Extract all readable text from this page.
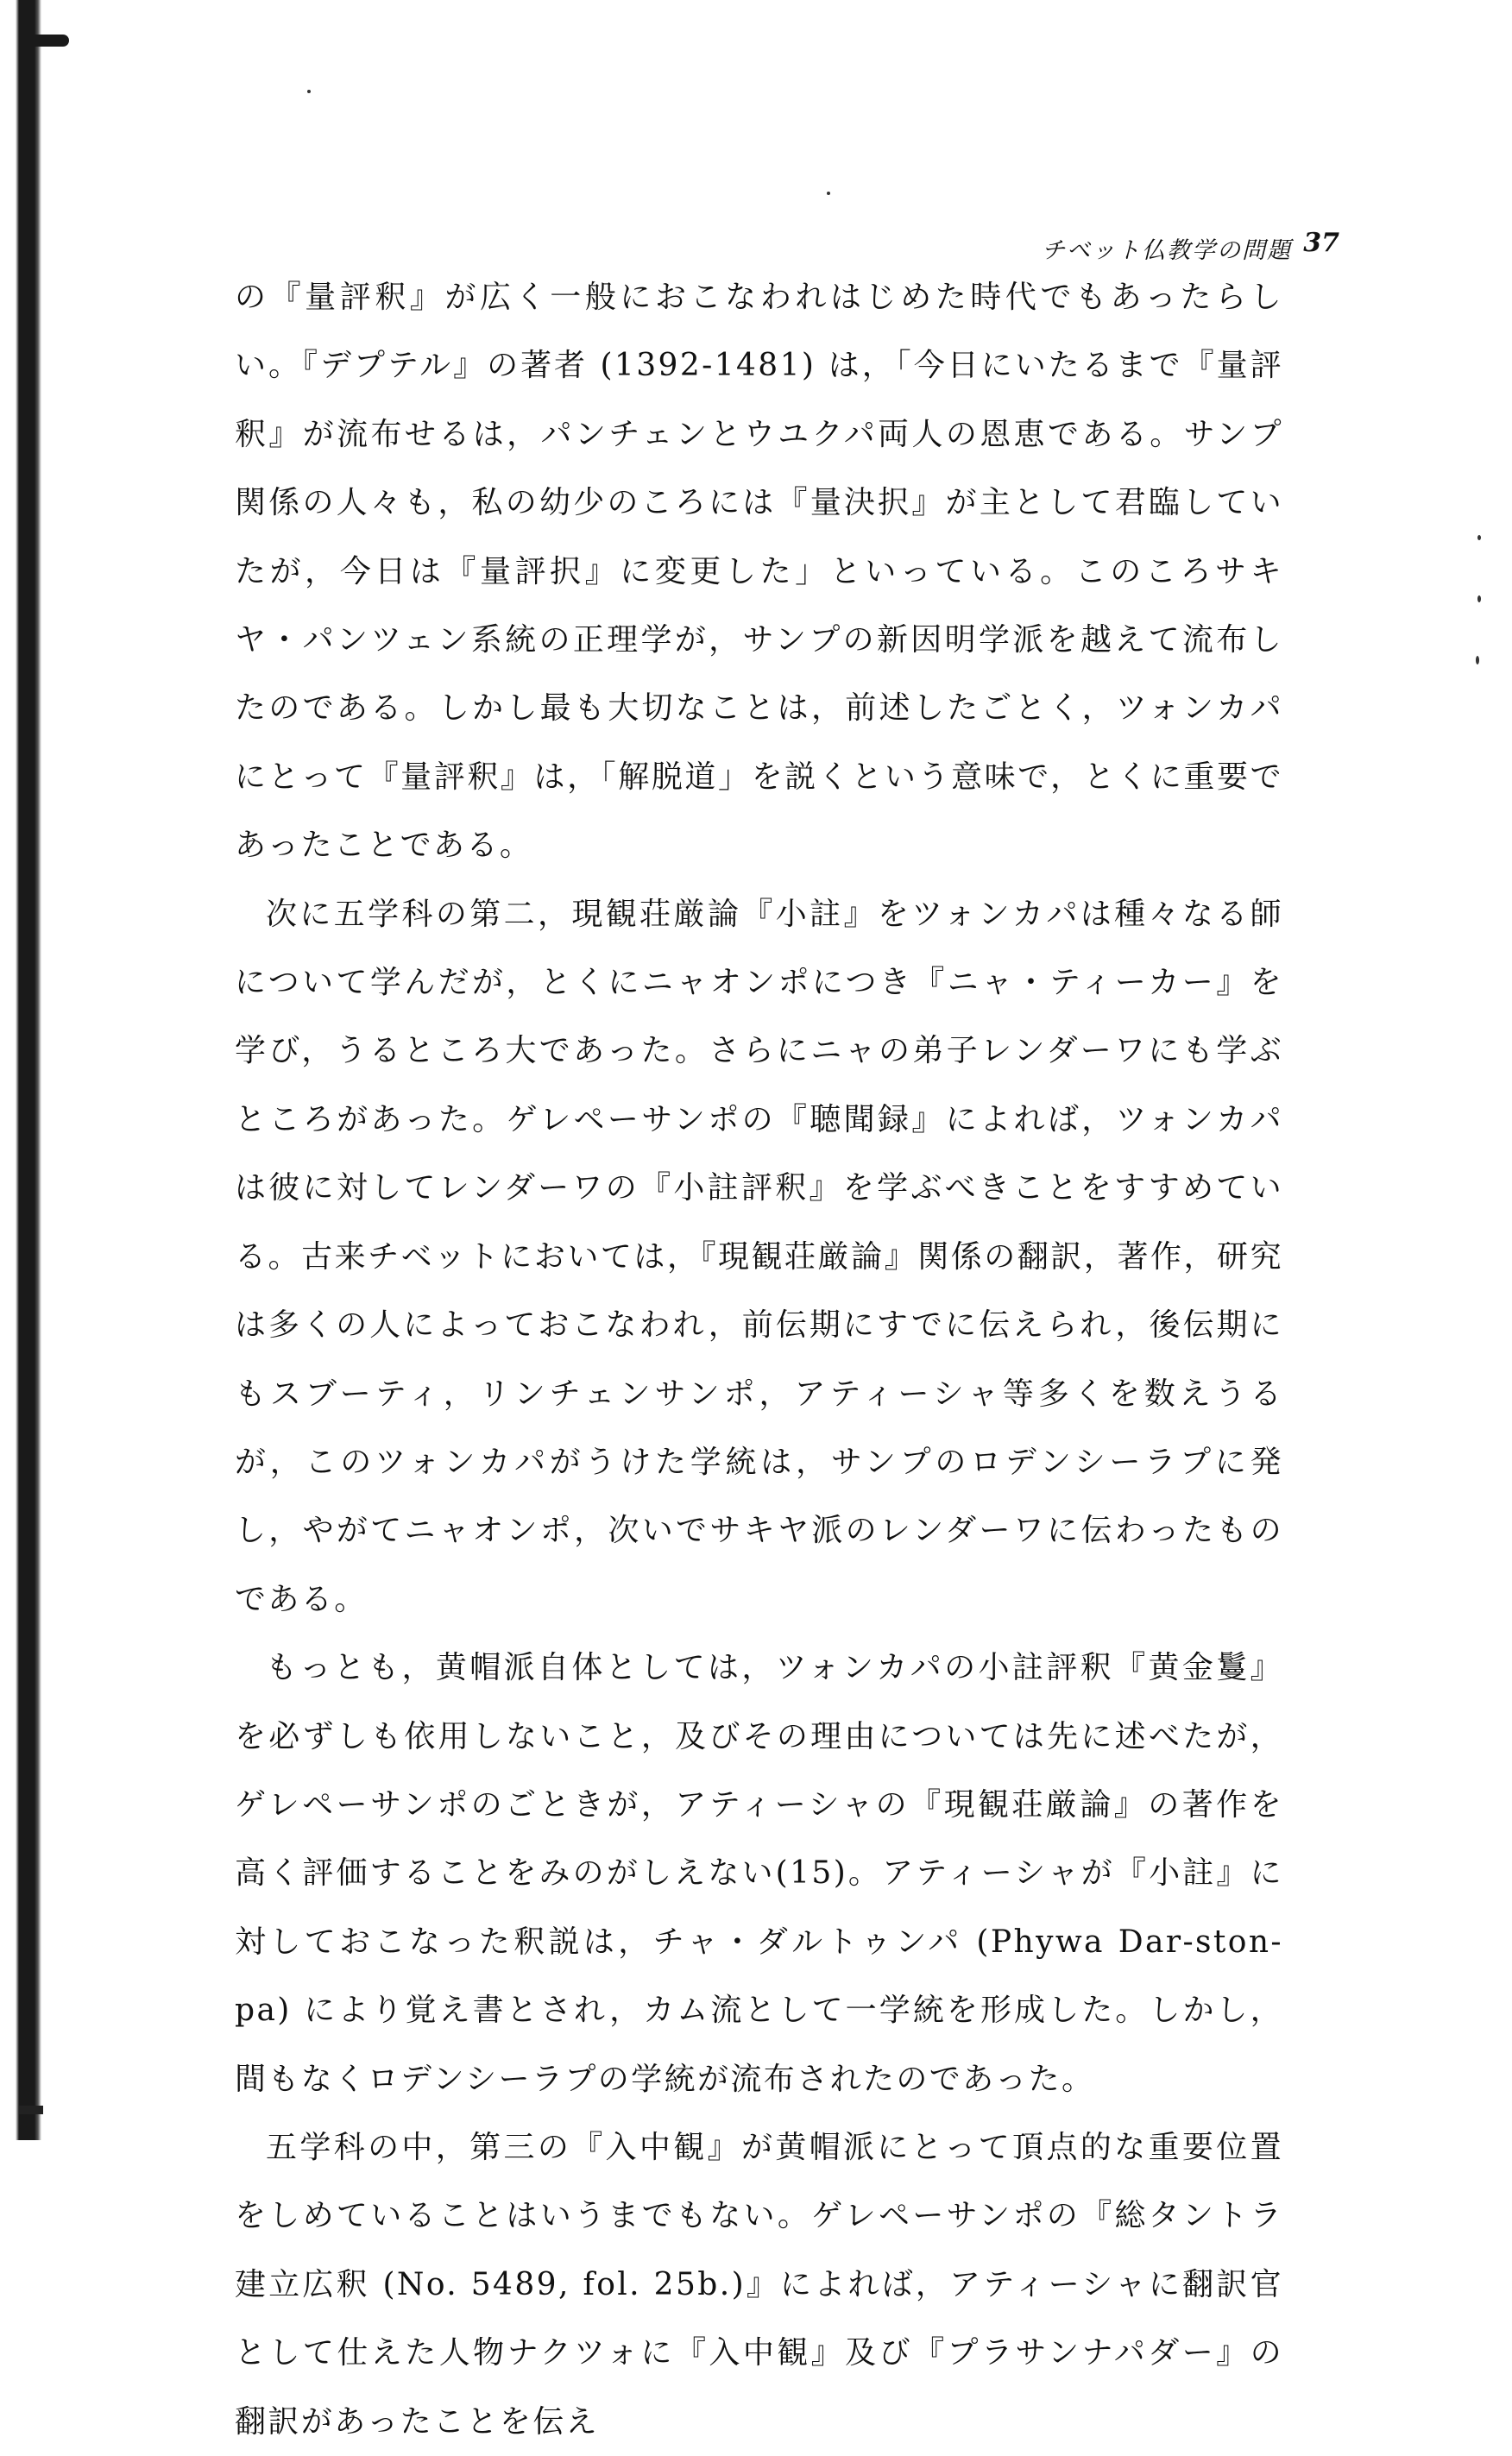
チベット仏教学の問題 37

の『量評釈』が広く一般におこなわれはじめた時代でもあったらしい。『デプテル』の著者 (1392-1481) は，「今日にいたるまで『量評釈』が流布せるは，パンチェンとウユクパ両人の恩恵である。サンプ関係の人々も，私の幼少のころには『量決択』が主として君臨していたが，今日は『量評択』に変更した」といっている。このころサキヤ・パンツェン系統の正理学が，サンプの新因明学派を越えて流布したのである。しかし最も大切なことは，前述したごとく，ツォンカパにとって『量評釈』は，「解脱道」を説くという意味で，とくに重要であったことである。

次に五学科の第二，現観荘厳論『小註』をツォンカパは種々なる師について学んだが，とくにニャオンポにつき『ニャ・ティーカー』を学び，うるところ大であった。さらにニャの弟子レンダーワにも学ぶところがあった。ゲレペーサンポの『聴聞録』によれば，ツォンカパは彼に対してレンダーワの『小註評釈』を学ぶべきことをすすめている。古来チベットにおいては，『現観荘厳論』関係の翻訳，著作，研究は多くの人によっておこなわれ，前伝期にすでに伝えられ，後伝期にもスブーティ，リンチェンサンポ，アティーシャ等多くを数えうるが，このツォンカパがうけた学統は，サンプのロデンシーラプに発し，やがてニャオンポ，次いでサキヤ派のレンダーワに伝わったものである。

もっとも，黄帽派自体としては，ツォンカパの小註評釈『黄金鬘』を必ずしも依用しないこと，及びその理由については先に述べたが，ゲレペーサンポのごときが，アティーシャの『現観荘厳論』の著作を高く評価することをみのがしえない(15)。アティーシャが『小註』に対しておこなった釈説は，チャ・ダルトゥンパ (Phywa Dar-ston-pa) により覚え書とされ，カム流として一学統を形成した。しかし，間もなくロデンシーラプの学統が流布されたのであった。

五学科の中，第三の『入中観』が黄帽派にとって頂点的な重要位置をしめていることはいうまでもない。ゲレペーサンポの『総タントラ建立広釈 (No. 5489, fol. 25b.)』によれば，アティーシャに翻訳官として仕えた人物ナクツォに『入中観』及び『プラサンナパダー』の翻訳があったことを伝え
